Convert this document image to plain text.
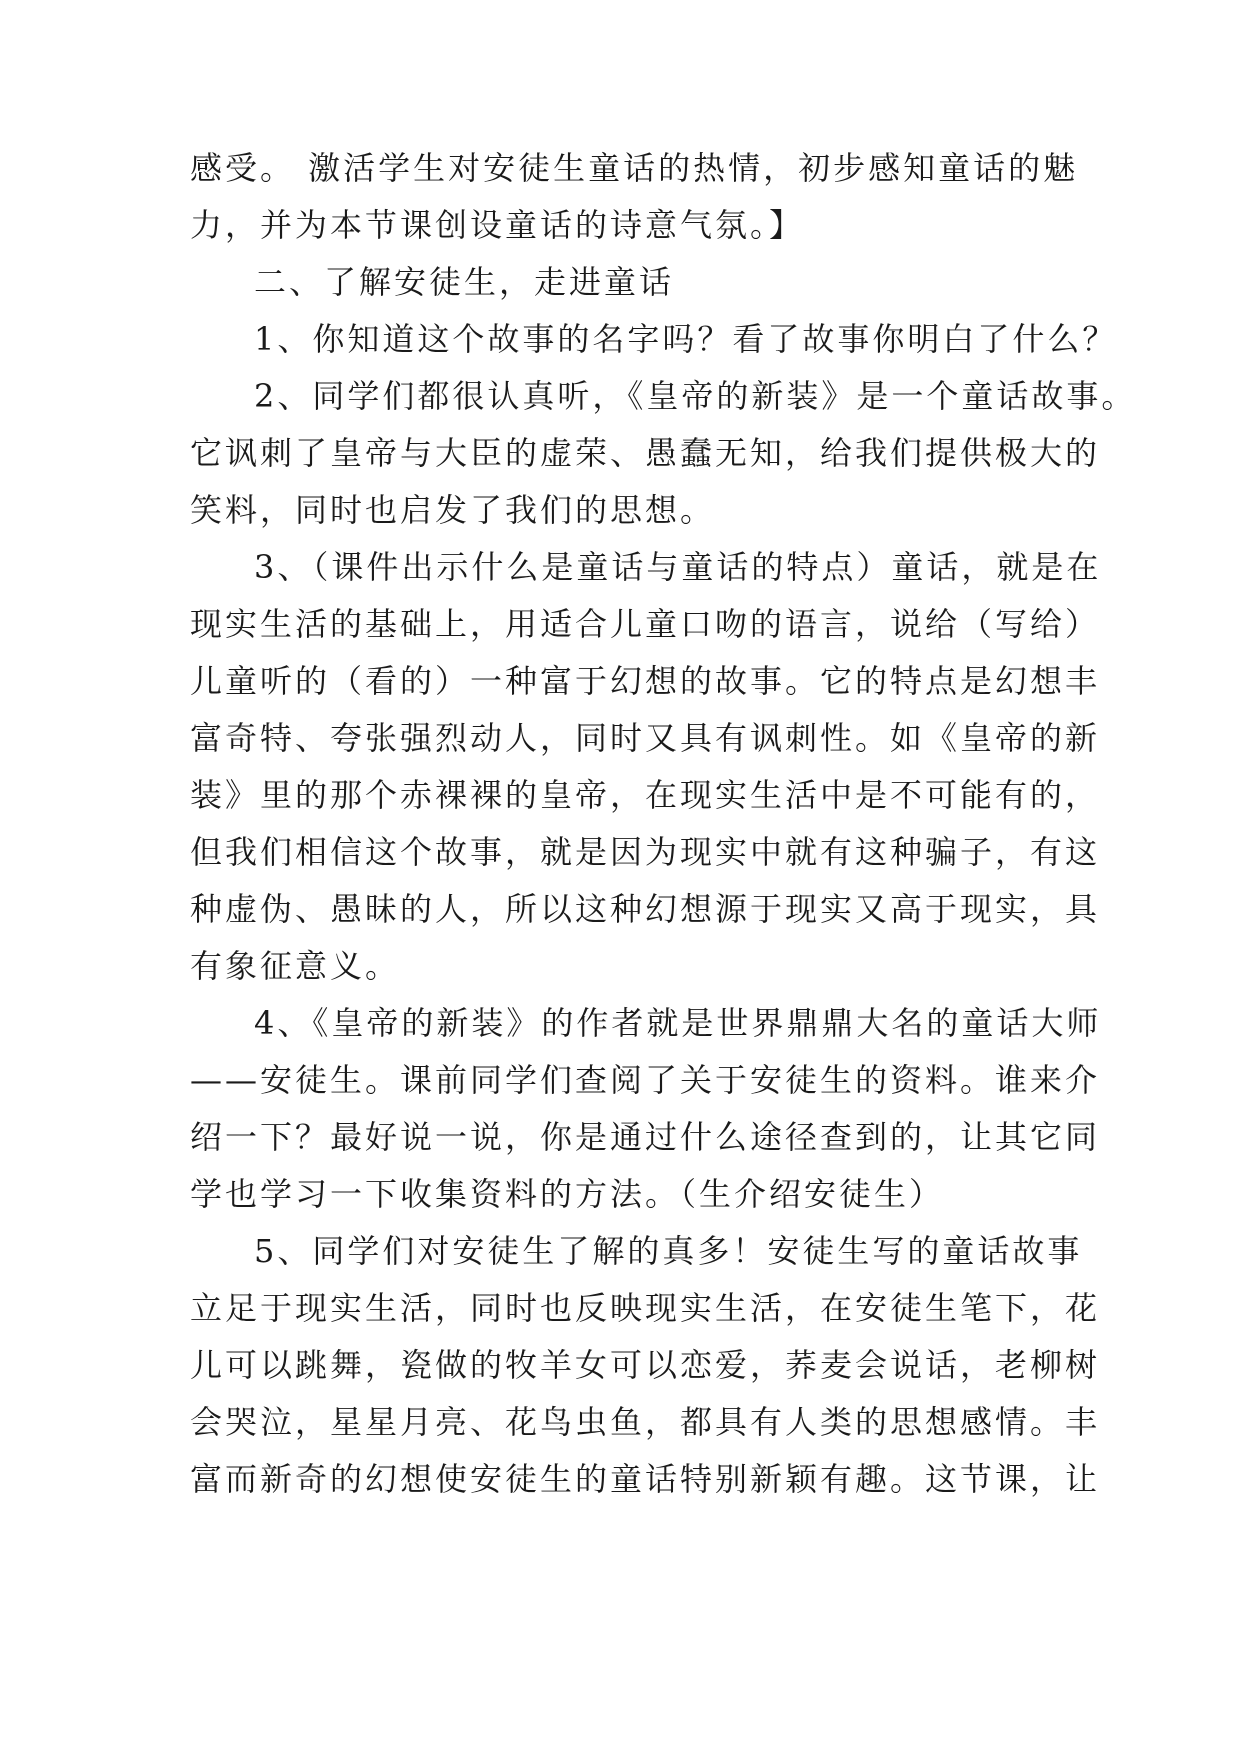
感受。 激活学生对安徒生童话的热情，初步感知童话的魅
力，并为本节课创设童话的诗意气氛。】
二、了解安徒生，走进童话
1、你知道这个故事的名字吗？看了故事你明白了什么？
2、同学们都很认真听，《皇帝的新装》是一个童话故事。
它讽刺了皇帝与大臣的虚荣、愚蠢无知，给我们提供极大的
笑料，同时也启发了我们的思想。
3、（课件出示什么是童话与童话的特点）童话，就是在
现实生活的基础上，用适合儿童口吻的语言，说给（写给）
儿童听的（看的）一种富于幻想的故事。它的特点是幻想丰
富奇特、夸张强烈动人，同时又具有讽刺性。如《皇帝的新
装》里的那个赤裸裸的皇帝，在现实生活中是不可能有的，
但我们相信这个故事，就是因为现实中就有这种骗子，有这
种虚伪、愚昧的人，所以这种幻想源于现实又高于现实，具
有象征意义。
4、《皇帝的新装》的作者就是世界鼎鼎大名的童话大师
——安徒生。课前同学们查阅了关于安徒生的资料。谁来介
绍一下？最好说一说，你是通过什么途径查到的，让其它同
学也学习一下收集资料的方法。（生介绍安徒生）
5、同学们对安徒生了解的真多！安徒生写的童话故事
立足于现实生活，同时也反映现实生活，在安徒生笔下，花
儿可以跳舞，瓷做的牧羊女可以恋爱，荞麦会说话，老柳树
会哭泣，星星月亮、花鸟虫鱼，都具有人类的思想感情。丰
富而新奇的幻想使安徒生的童话特别新颖有趣。这节课，让
